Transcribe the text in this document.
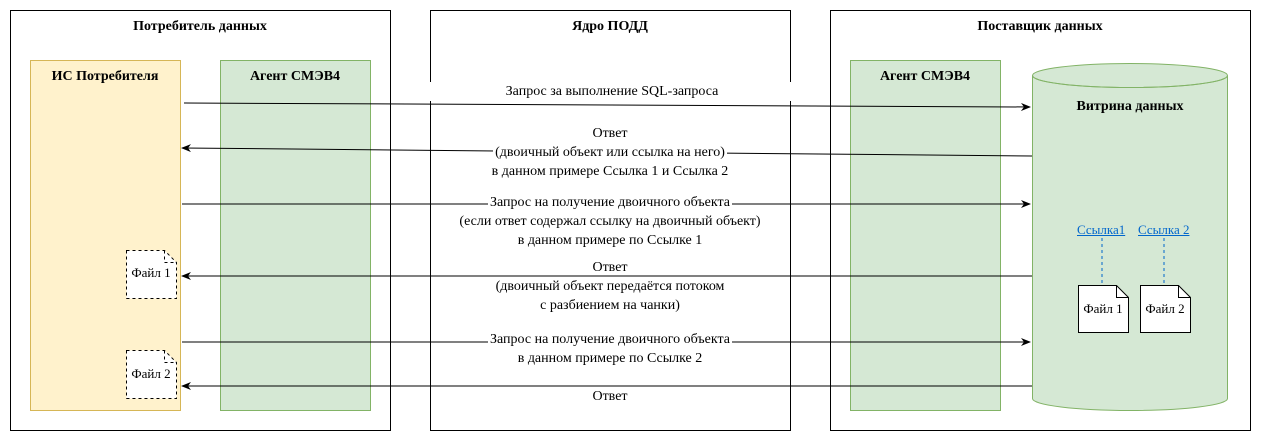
Потребитель данных	Ядро ПОДД	Поставщик данных
ИС Потребителя	Агент СМЭВ4	Агент СМЭВ4
Витрина данных
Запрос за выполнение SQL-запроса
Ответ
(двоичный объект или ссылка на него)
в данном примере Ссылка 1 и Ссылка 2
Запрос на получение двоичного объекта
(если ответ содержал ссылку на двоичный объект)
в данном примере по Ссылке 1
Ответ
(двоичный объект передаётся потоком
с разбиением на чанки)
Запрос на получение двоичного объекта
в данном примере по Ссылке 2
Ответ
Ссылка1 Ссылка 2
Файл 1	Файл 2
Файл 1
Файл 2
